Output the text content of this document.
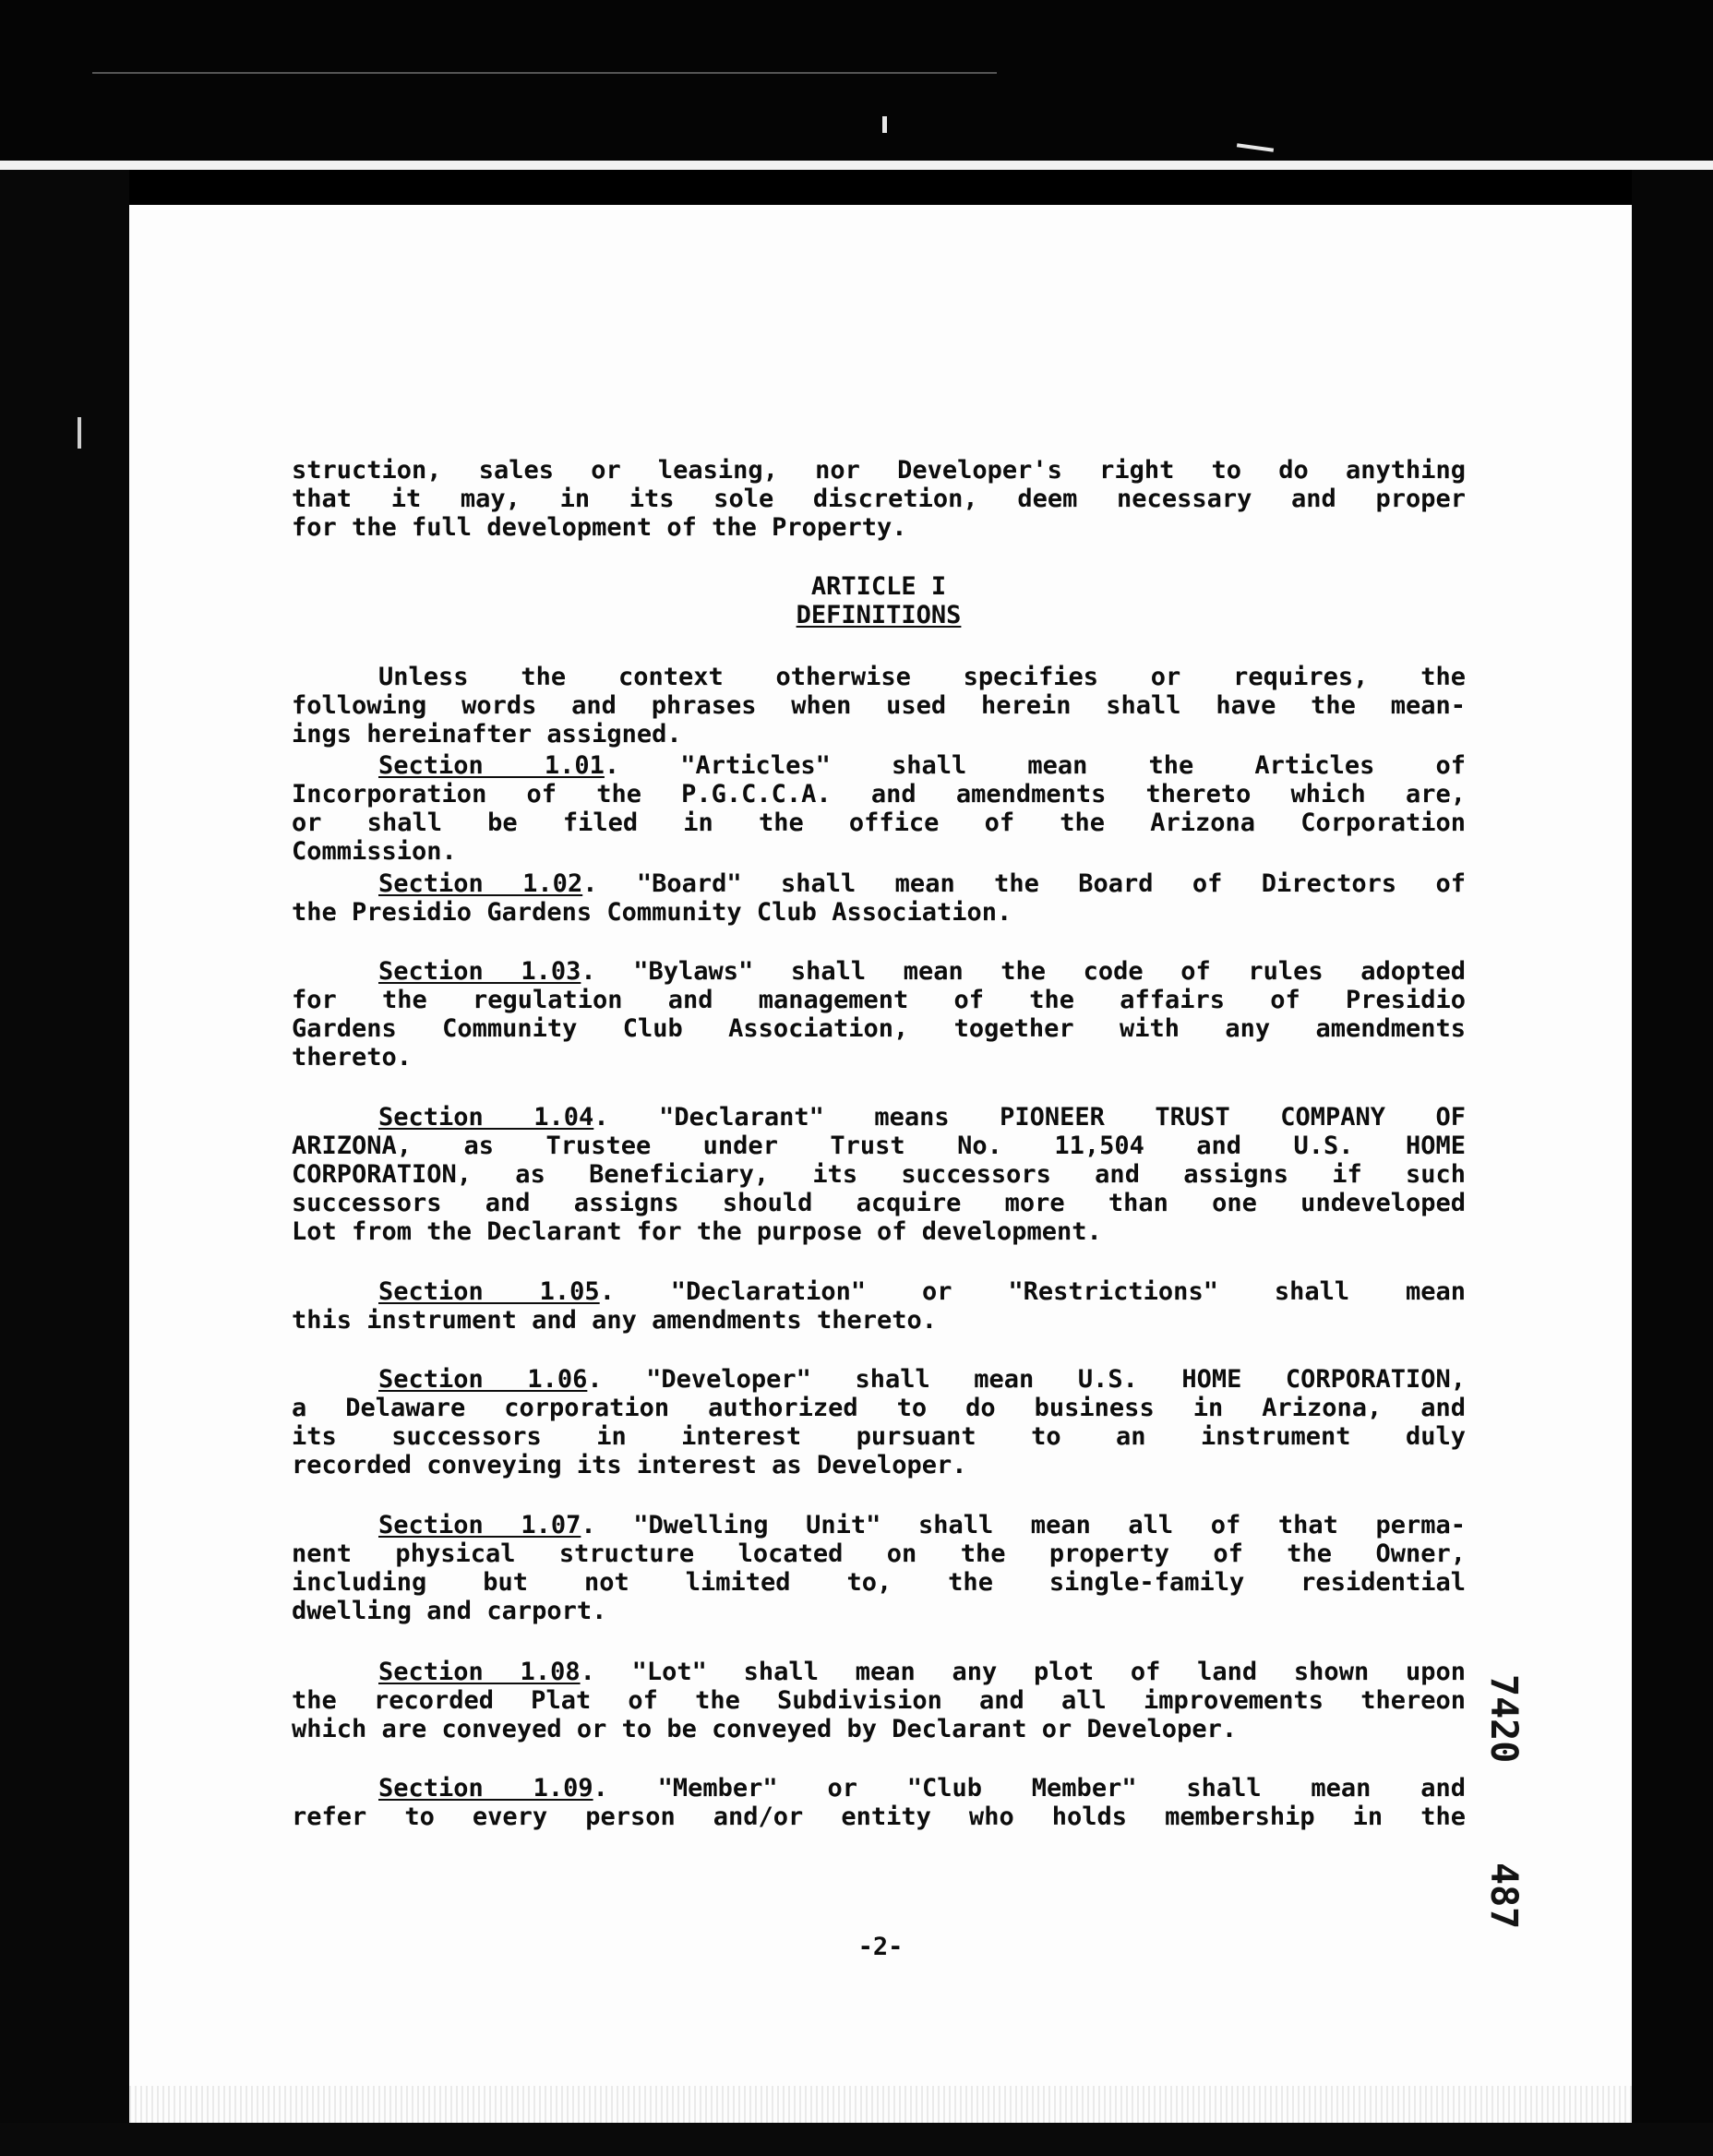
struction, sales or leasing, nor Developer's right to do anything
that it may, in its sole discretion, deem necessary and proper
for the full development of the Property.
ARTICLE I
DEFINITIONS
Unless the context otherwise specifies or requires, the
following words and phrases when used herein shall have the mean-
ings hereinafter assigned.
Section 1.01. "Articles" shall mean the Articles of
Incorporation of the P.G.C.C.A. and amendments thereto which are,
or shall be filed in the office of the Arizona Corporation
Commission.
Section 1.02. "Board" shall mean the Board of Directors of
the Presidio Gardens Community Club Association.
Section 1.03. "Bylaws" shall mean the code of rules adopted
for the regulation and management of the affairs of Presidio
Gardens Community Club Association, together with any amendments
thereto.
Section 1.04. "Declarant" means PIONEER TRUST COMPANY OF
ARIZONA, as Trustee under Trust No. 11,504 and U.S. HOME
CORPORATION, as Beneficiary, its successors and assigns if such
successors and assigns should acquire more than one undeveloped
Lot from the Declarant for the purpose of development.
Section 1.05. "Declaration" or "Restrictions" shall mean
this instrument and any amendments thereto.
Section 1.06. "Developer" shall mean U.S. HOME CORPORATION,
a Delaware corporation authorized to do business in Arizona, and
its successors in interest pursuant to an instrument duly
recorded conveying its interest as Developer.
Section 1.07. "Dwelling Unit" shall mean all of that perma-
nent physical structure located on the property of the Owner,
including but not limited to, the single-family residential
dwelling and carport.
Section 1.08. "Lot" shall mean any plot of land shown upon
the recorded Plat of the Subdivision and all improvements thereon
which are conveyed or to be conveyed by Declarant or Developer.
Section 1.09. "Member" or "Club Member" shall mean and
refer to every person and/or entity who holds membership in the
-2-
7420
487
